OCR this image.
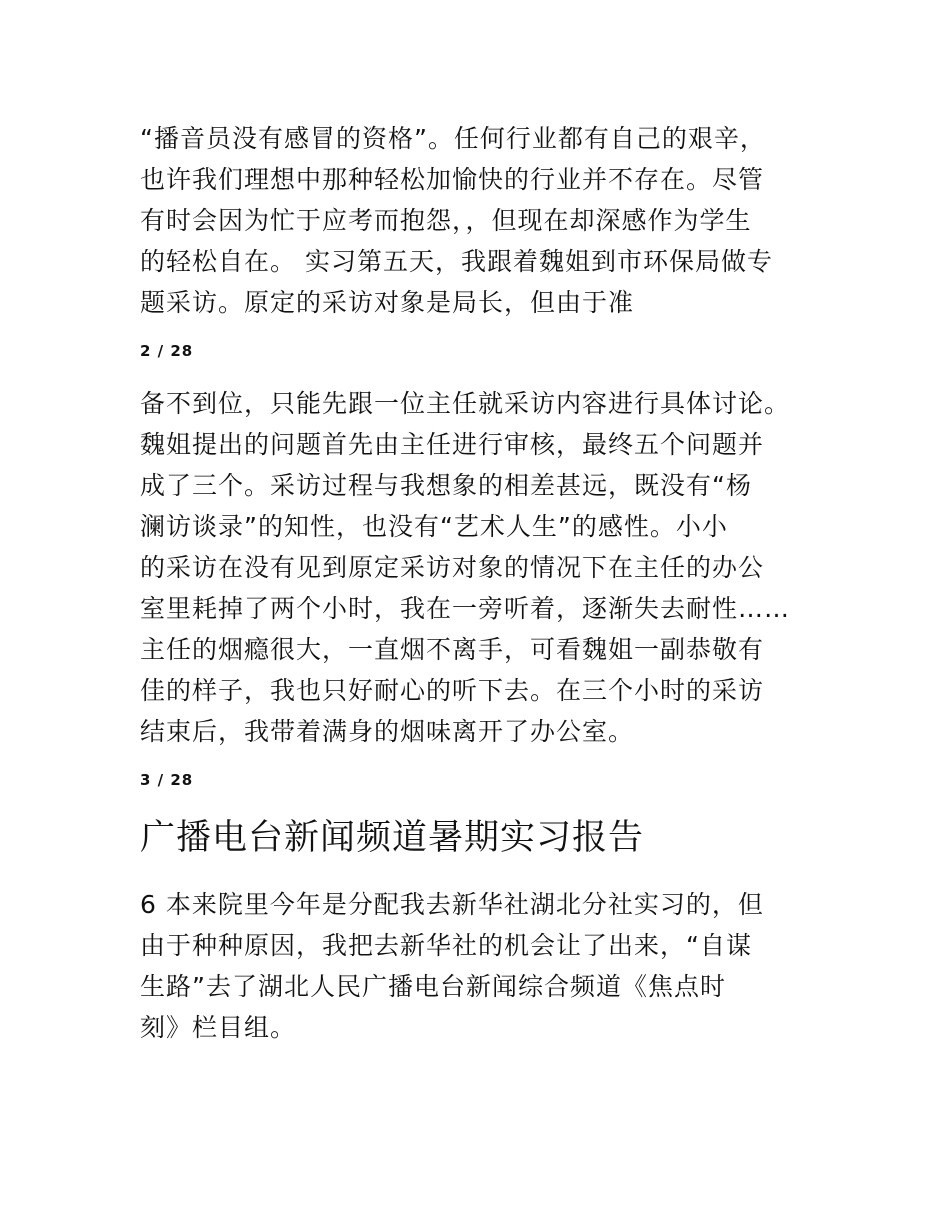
“播音员没有感冒的资格”。任何行业都有自己的艰辛，
也许我们理想中那种轻松加愉快的行业并不存在。尽管
有时会因为忙于应考而抱怨，，但现在却深感作为学生
的轻松自在。 实习第五天，我跟着魏姐到市环保局做专
题采访。原定的采访对象是局长，但由于准

2 / 28

备不到位，只能先跟一位主任就采访内容进行具体讨论。
魏姐提出的问题首先由主任进行审核，最终五个问题并
成了三个。采访过程与我想象的相差甚远，既没有“杨
澜访谈录”的知性，也没有“艺术人生”的感性。小小
的采访在没有见到原定采访对象的情况下在主任的办公
室里耗掉了两个小时，我在一旁听着，逐渐失去耐性……
主任的烟瘾很大，一直烟不离手，可看魏姐一副恭敬有
佳的样子，我也只好耐心的听下去。在三个小时的采访
结束后，我带着满身的烟味离开了办公室。

3 / 28

广播电台新闻频道暑期实习报告

6 本来院里今年是分配我去新华社湖北分社实习的，但
由于种种原因，我把去新华社的机会让了出来，“自谋
生路”去了湖北人民广播电台新闻综合频道《焦点时
刻》栏目组。
